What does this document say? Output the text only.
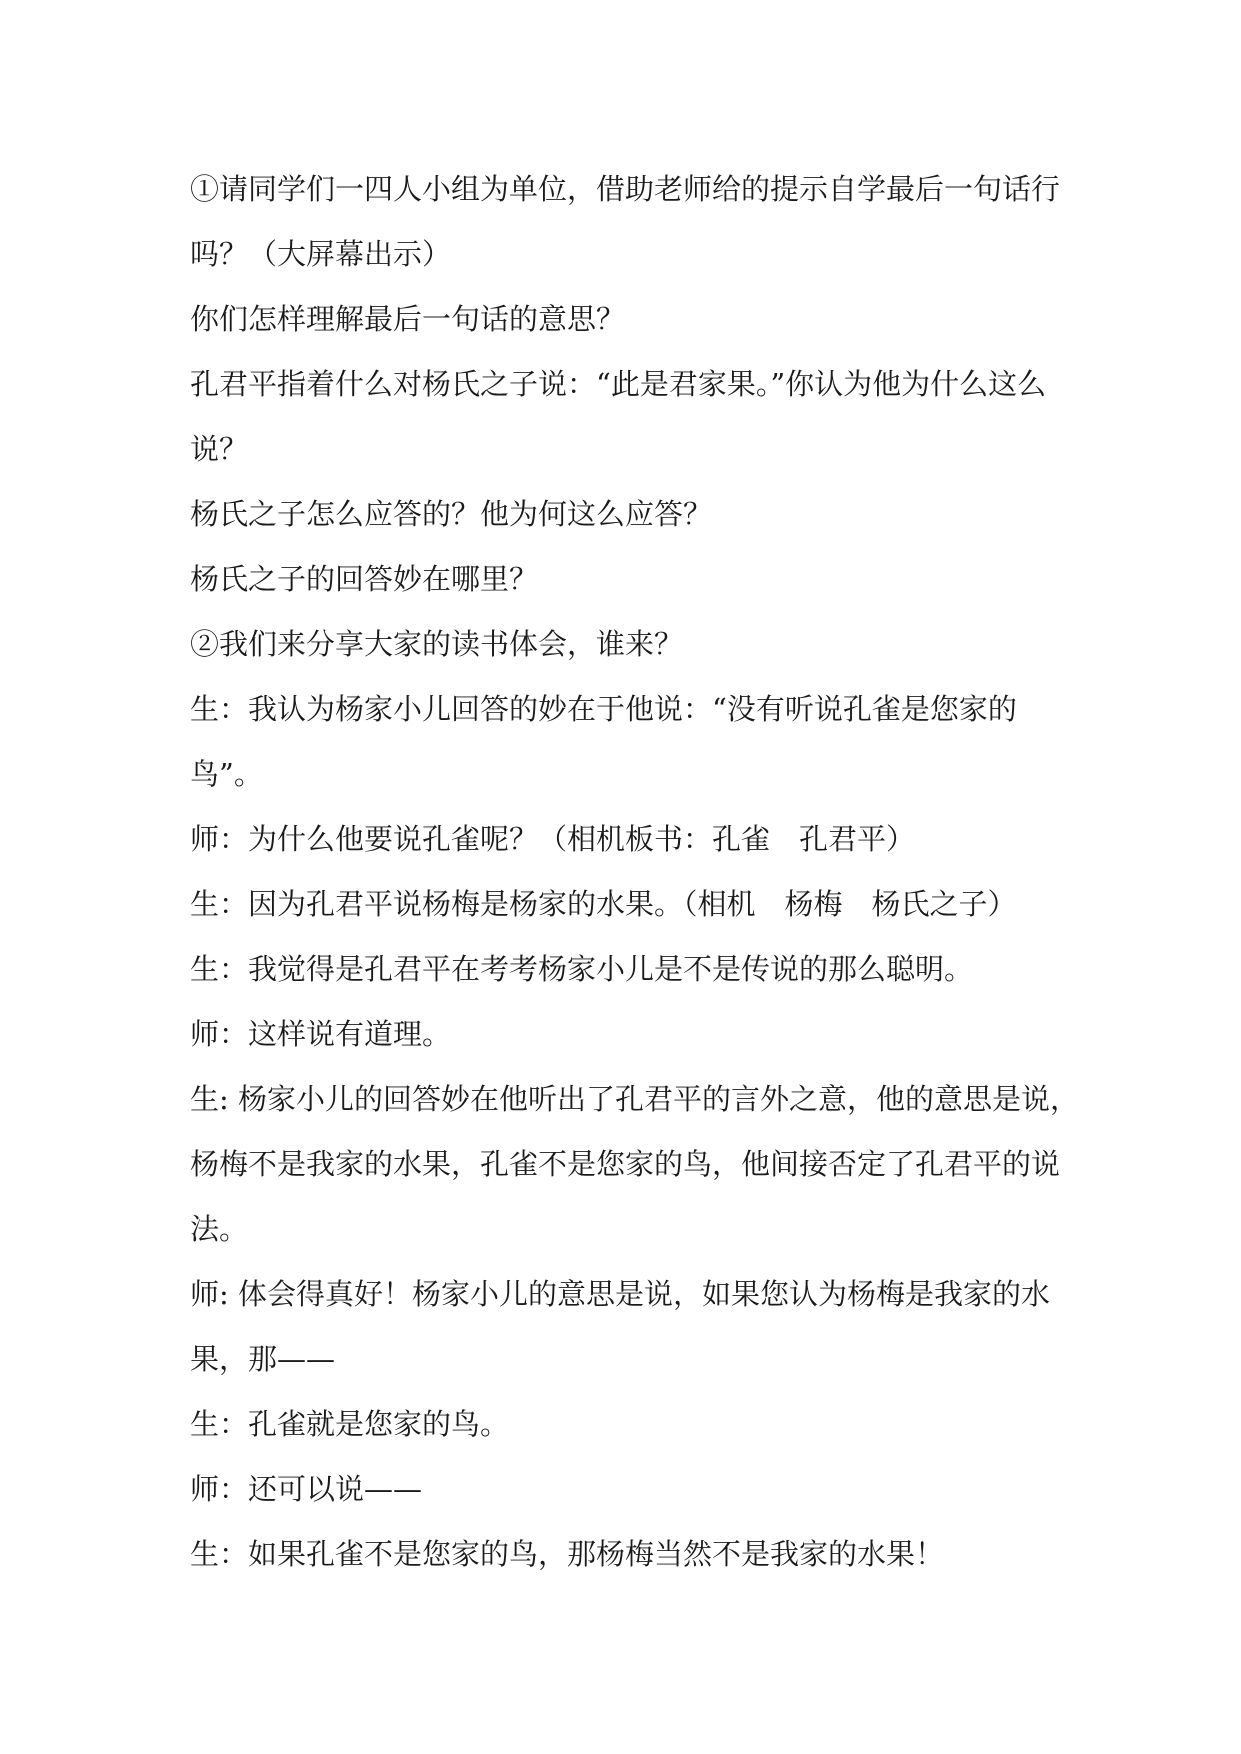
①请同学们一四人小组为单位，借助老师给的提示自学最后一句话行
吗？（大屏幕出示）
你们怎样理解最后一句话的意思？
孔君平指着什么对杨氏之子说：“此是君家果。”你认为他为什么这么
说？
杨氏之子怎么应答的？他为何这么应答？
杨氏之子的回答妙在哪里？
②我们来分享大家的读书体会，谁来？
生：我认为杨家小儿回答的妙在于他说：“没有听说孔雀是您家的
鸟”。
师：为什么他要说孔雀呢？（相机板书：孔雀　孔君平）
生：因为孔君平说杨梅是杨家的水果。（相机　杨梅　杨氏之子）
生：我觉得是孔君平在考考杨家小儿是不是传说的那么聪明。
师：这样说有道理。
生: 杨家小儿的回答妙在他听出了孔君平的言外之意，他的意思是说，
杨梅不是我家的水果，孔雀不是您家的鸟，他间接否定了孔君平的说
法。
师: 体会得真好！杨家小儿的意思是说，如果您认为杨梅是我家的水
果，那——
生：孔雀就是您家的鸟。
师：还可以说——
生：如果孔雀不是您家的鸟，那杨梅当然不是我家的水果！
